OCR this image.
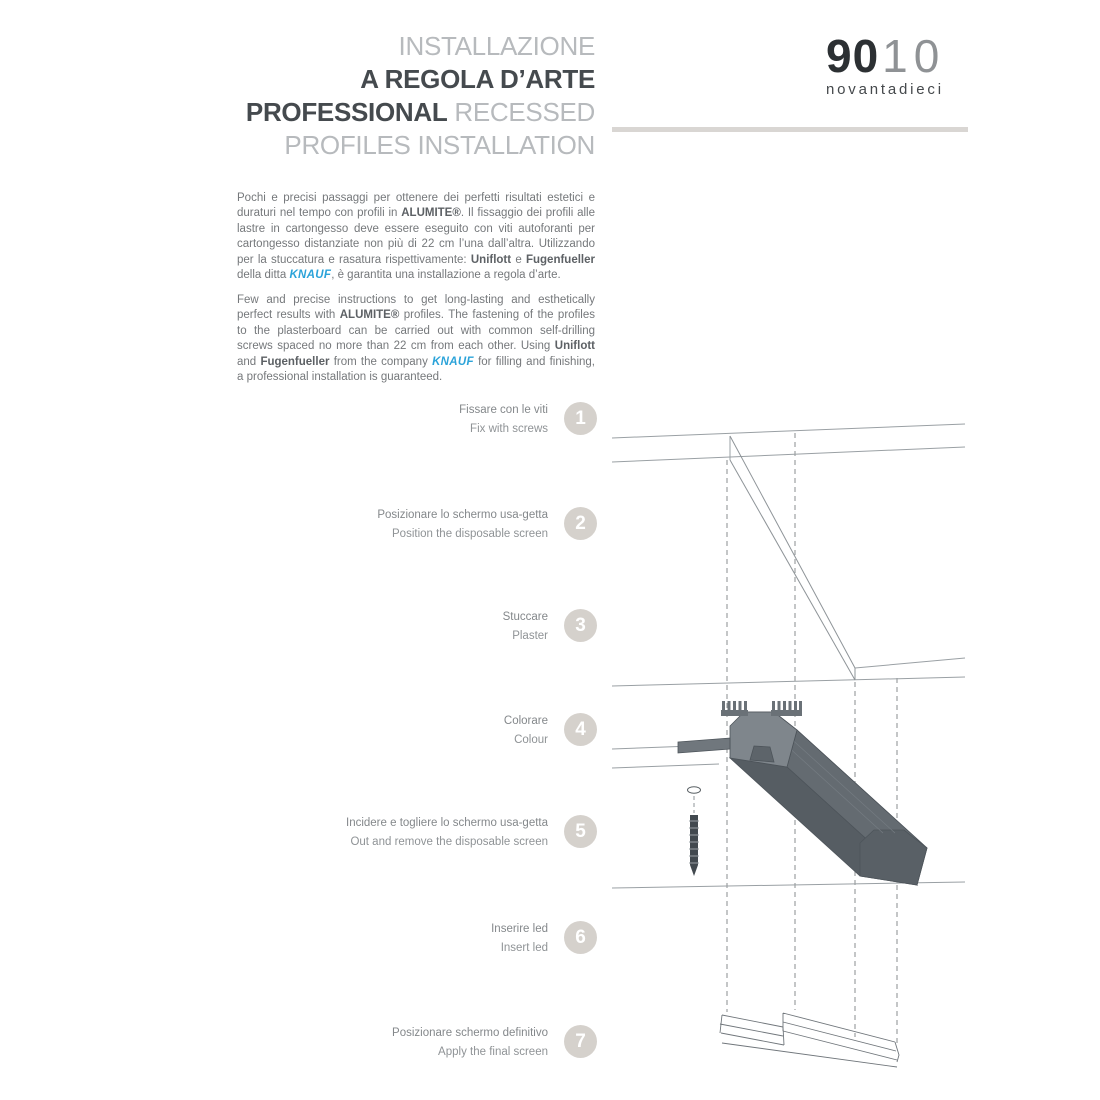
INSTALLAZIONE
A REGOLA D’ARTE
PROFESSIONAL RECESSED
PROFILES INSTALLATION
9010
novantadieci

Pochi e precisi passaggi per ottenere dei perfetti risultati estetici e duraturi nel tempo con profili in ALUMITE®. Il fissaggio dei profili alle lastre in cartongesso deve essere eseguito con viti autoforanti per cartongesso distanziate non più di 22 cm l’una dall’altra. Utilizzando per la stuccatura e rasatura rispettivamente: Uniflott e Fugenfueller della ditta KNAUF, è garantita una installazione a regola d’arte.

Few and precise instructions to get long-lasting and esthetically perfect results with ALUMITE® profiles. The fastening of the profiles to the plasterboard can be carried out with common self-drilling screws spaced no more than 22 cm from each other. Using Uniflott and Fugenfueller from the company KNAUF for filling and finishing, a professional installation is guaranteed.

Fissare con le viti
Fix with screws
1
Posizionare lo schermo usa-getta
Position the disposable screen
2
Stuccare
Plaster
3
Colorare
Colour
4
Incidere e togliere lo schermo usa-getta
Out and remove the disposable screen
5
Inserire led
Insert led
6
Posizionare schermo definitivo
Apply the final screen
7
